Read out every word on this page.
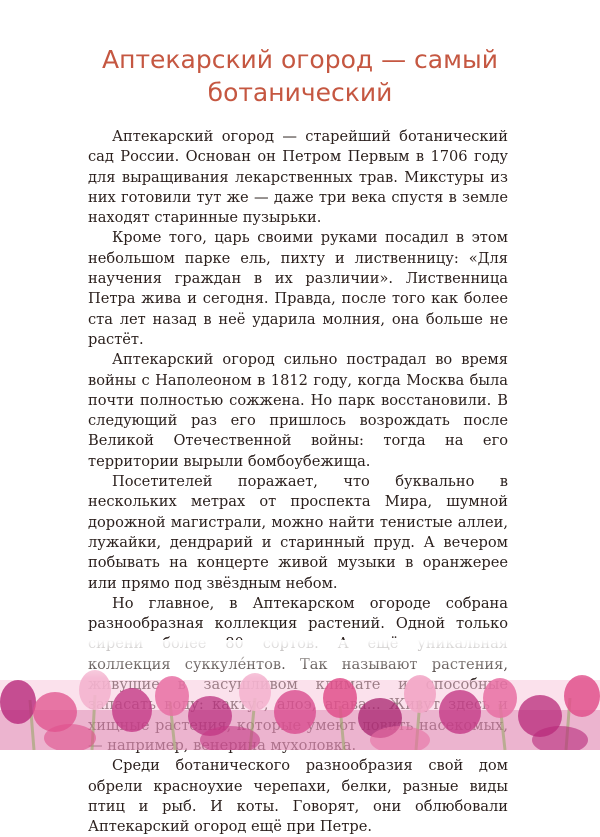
Аптекарский огород — самый
ботанический

Аптекарский огород — старейший ботанический сад России. Основан он Петром Первым в 1706 году для выращивания лекарственных трав. Микстуры из них готовили тут же — даже три века спустя в земле находят старинные пузырьки.

Кроме того, царь своими руками посадил в этом небольшом парке ель, пихту и лиственницу: «Для научения граждан в их различии». Лиственница Петра жива и сегодня. Правда, после того как более ста лет назад в неё ударила молния, она больше не растёт.

Аптекарский огород сильно пострадал во время войны с Наполеоном в 1812 году, когда Москва была почти полностью сожжена. Но парк восстановили. В следующий раз его пришлось возрождать после Великой Отечественной войны: тогда на его территории вырыли бомбоубежища.

Посетителей поражает, что буквально в нескольких метрах от проспекта Мира, шумной дорожной магистрали, можно найти тенистые аллеи, лужайки, дендрарий и старинный пруд. А вечером побывать на концерте живой музыки в оранжерее или прямо под звёздным небом.

Но главное, в Аптекарском огороде собрана разнообразная коллекция растений. Одной только

Среди ботанического разнообразия свой дом обрели красноухие черепахи, белки, разные виды птиц и рыб. И коты. Говорят, они облюбовали Аптекарский огород ещё при Петре.
